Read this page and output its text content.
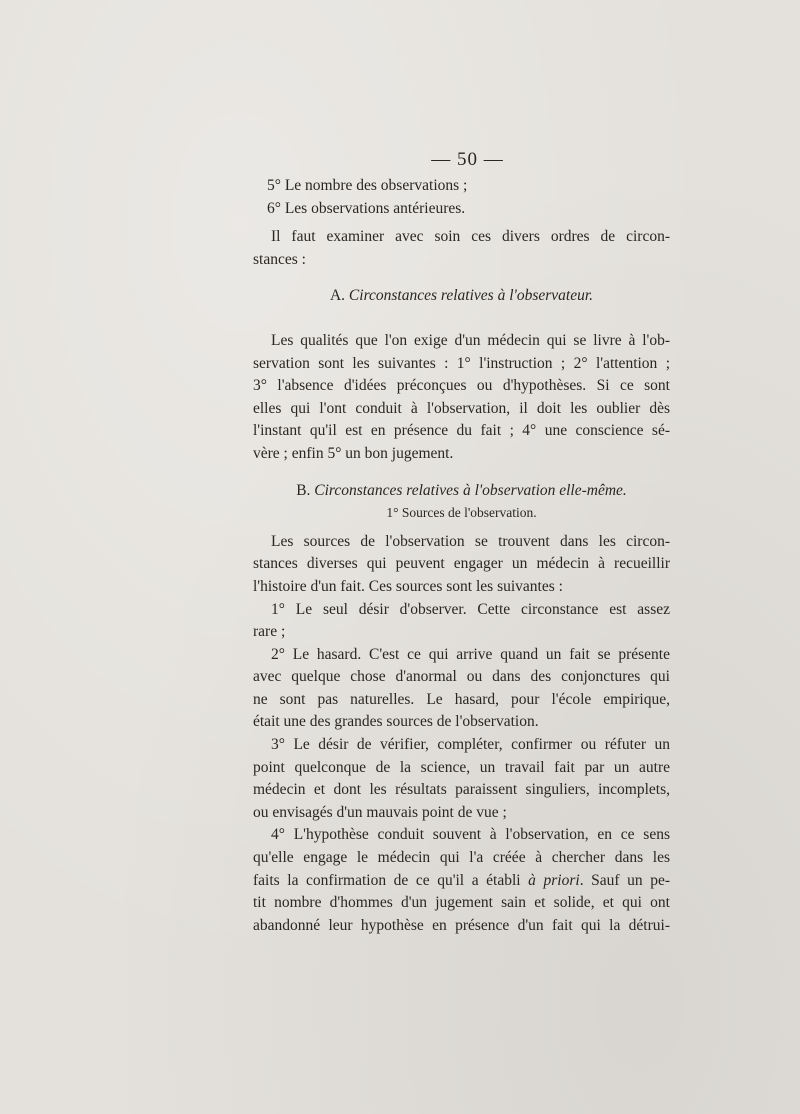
— 50 —
5° Le nombre des observations ;
6° Les observations antérieures.
Il faut examiner avec soin ces divers ordres de circon-
stances :
A. Circonstances relatives à l'observateur.
Les qualités que l'on exige d'un médecin qui se livre à l'ob-
servation sont les suivantes : 1° l'instruction ; 2° l'attention ;
3° l'absence d'idées préconçues ou d'hypothèses. Si ce sont
elles qui l'ont conduit à l'observation, il doit les oublier dès
l'instant qu'il est en présence du fait ; 4° une conscience sé-
vère ; enfin 5° un bon jugement.
B. Circonstances relatives à l'observation elle-même.
1° Sources de l'observation.
Les sources de l'observation se trouvent dans les circon-
stances diverses qui peuvent engager un médecin à recueillir
l'histoire d'un fait. Ces sources sont les suivantes :
1° Le seul désir d'observer. Cette circonstance est assez
rare ;
2° Le hasard. C'est ce qui arrive quand un fait se présente
avec quelque chose d'anormal ou dans des conjonctures qui
ne sont pas naturelles. Le hasard, pour l'école empirique,
était une des grandes sources de l'observation.
3° Le désir de vérifier, compléter, confirmer ou réfuter un
point quelconque de la science, un travail fait par un autre
médecin et dont les résultats paraissent singuliers, incomplets,
ou envisagés d'un mauvais point de vue ;
4° L'hypothèse conduit souvent à l'observation, en ce sens
qu'elle engage le médecin qui l'a créée à chercher dans les
faits la confirmation de ce qu'il a établi à priori. Sauf un pe-
tit nombre d'hommes d'un jugement sain et solide, et qui ont
abandonné leur hypothèse en présence d'un fait qui la détrui-
